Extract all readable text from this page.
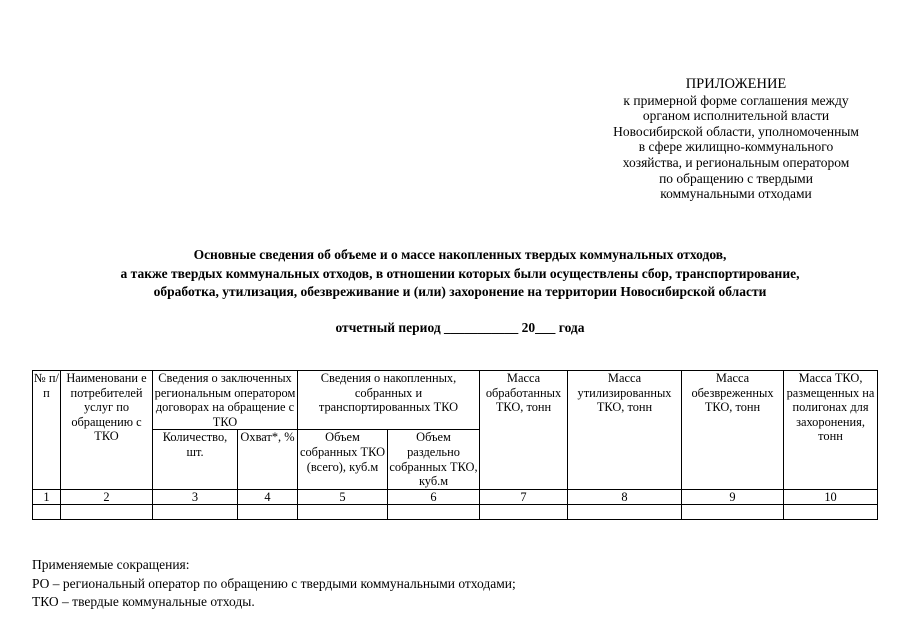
ПРИЛОЖЕНИЕ
к примерной форме соглашения между
органом исполнительной власти
Новосибирской области, уполномоченным
в сфере жилищно-коммунального
хозяйства, и региональным оператором
по обращению с твердыми
коммунальными отходами
Основные сведения об объеме и о массе накопленных твердых коммунальных отходов,
а также твердых коммунальных отходов, в отношении которых были осуществлены сбор, транспортирование,
обработка, утилизация, обезвреживание и (или) захоронение на территории Новосибирской области
отчетный период ___________ 20___ года
№ п/п	Наименовани е потребителей услуг по обращению с ТКО	Сведения о заключенных региональным оператором договорах на обращение с ТКО		Сведения о накопленных, собранных и транспортированных ТКО		Масса обработанных ТКО, тонн	Масса утилизированных ТКО, тонн	Масса обезвреженных ТКО, тонн	Масса ТКО, размещенных на полигонах для захоронения, тонн
		Количество, шт.	Охват*, %	Объем собранных ТКО (всего), куб.м	Объем раздельно собранных ТКО, куб.м				
1	2	3	4	5	6	7	8	9	10

Применяемые сокращения:
РО – региональный оператор по обращению с твердыми коммунальными отходами;
ТКО – твердые коммунальные отходы.
